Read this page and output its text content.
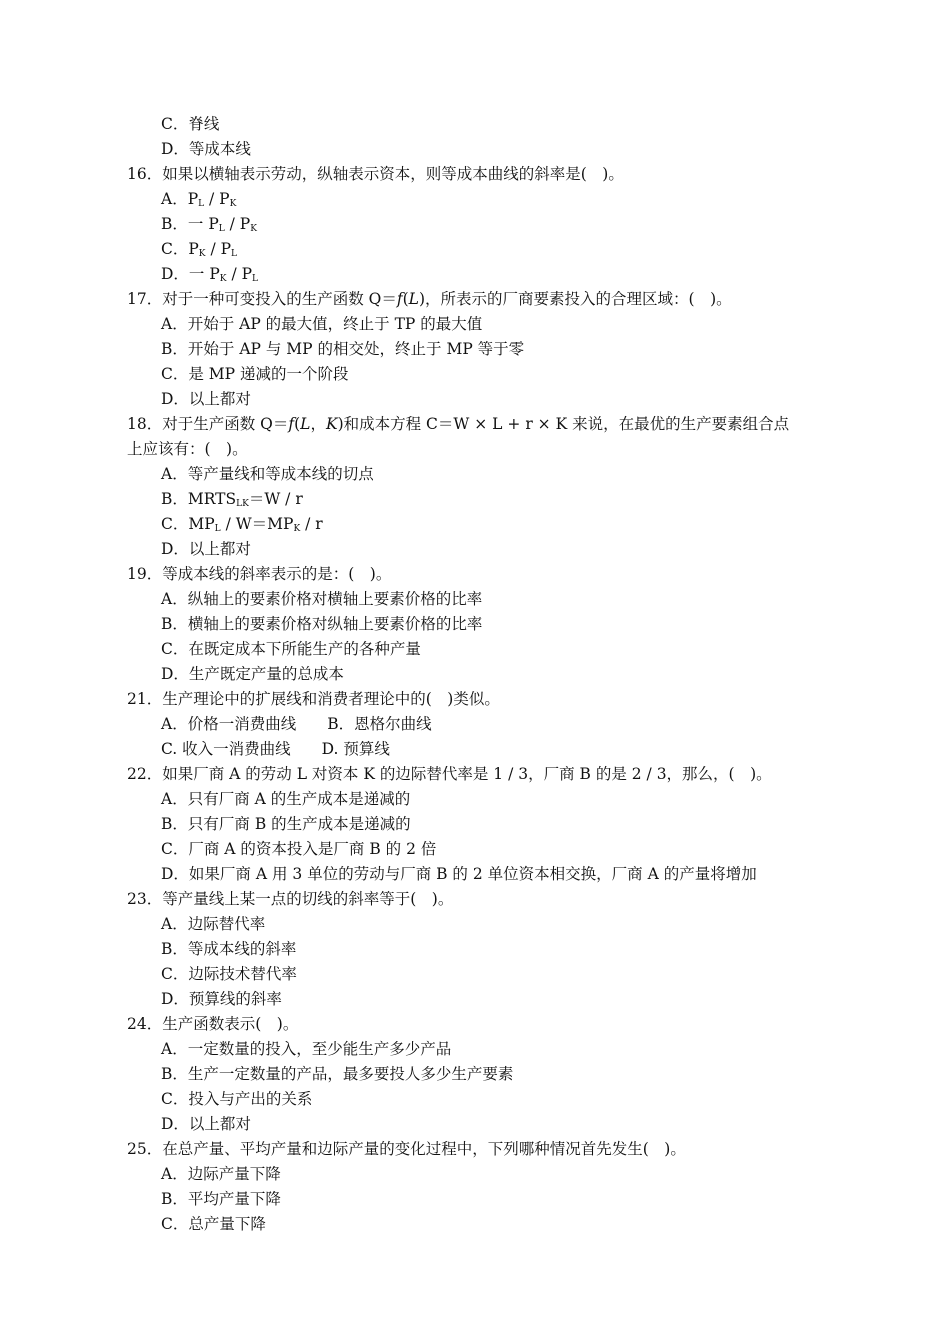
C．脊线
D．等成本线
16．如果以横轴表示劳动，纵轴表示资本，则等成本曲线的斜率是(　)。
A．$P_L / P_K$
B．一 $P_L / P_K$
C．$P_K / P_L$
D．一 $P_K / P_L$
17．对于一种可变投入的生产函数 Q＝f(L)，所表示的厂商要素投入的合理区域：(　)。
A．开始于 AP 的最大值，终止于 TP 的最大值
B．开始于 AP 与 MP 的相交处，终止于 MP 等于零
C．是 MP 递减的一个阶段
D．以上都对
18．对于生产函数 Q＝f(L，K)和成本方程 C＝W × L + r × K 来说，在最优的生产要素组合点
上应该有：(　)。
A．等产量线和等成本线的切点
B．$MRTS_{LK}=W / r$
C．$MP_L / W=MP_K / r$
D．以上都对
19．等成本线的斜率表示的是：(　)。
A．纵轴上的要素价格对横轴上要素价格的比率
B．横轴上的要素价格对纵轴上要素价格的比率
C．在既定成本下所能生产的各种产量
D．生产既定产量的总成本
21．生产理论中的扩展线和消费者理论中的(　)类似。
A．价格一消费曲线　　B．恩格尔曲线
C. 收入一消费曲线　　D. 预算线
22．如果厂商 A 的劳动 L 对资本 K 的边际替代率是 1 / 3，厂商 B 的是 2 / 3，那么，(　)。
A．只有厂商 A 的生产成本是递减的
B．只有厂商 B 的生产成本是递减的
C．厂商 A 的资本投入是厂商 B 的 2 倍
D．如果厂商 A 用 3 单位的劳动与厂商 B 的 2 单位资本相交换，厂商 A 的产量将增加
23．等产量线上某一点的切线的斜率等于(　)。
A．边际替代率
B．等成本线的斜率
C．边际技术替代率
D．预算线的斜率
24．生产函数表示(　)。
A．一定数量的投入，至少能生产多少产品
B．生产一定数量的产品，最多要投人多少生产要素
C．投入与产出的关系
D．以上都对
25．在总产量、平均产量和边际产量的变化过程中，下列哪种情况首先发生(　)。
A．边际产量下降
B．平均产量下降
C．总产量下降
